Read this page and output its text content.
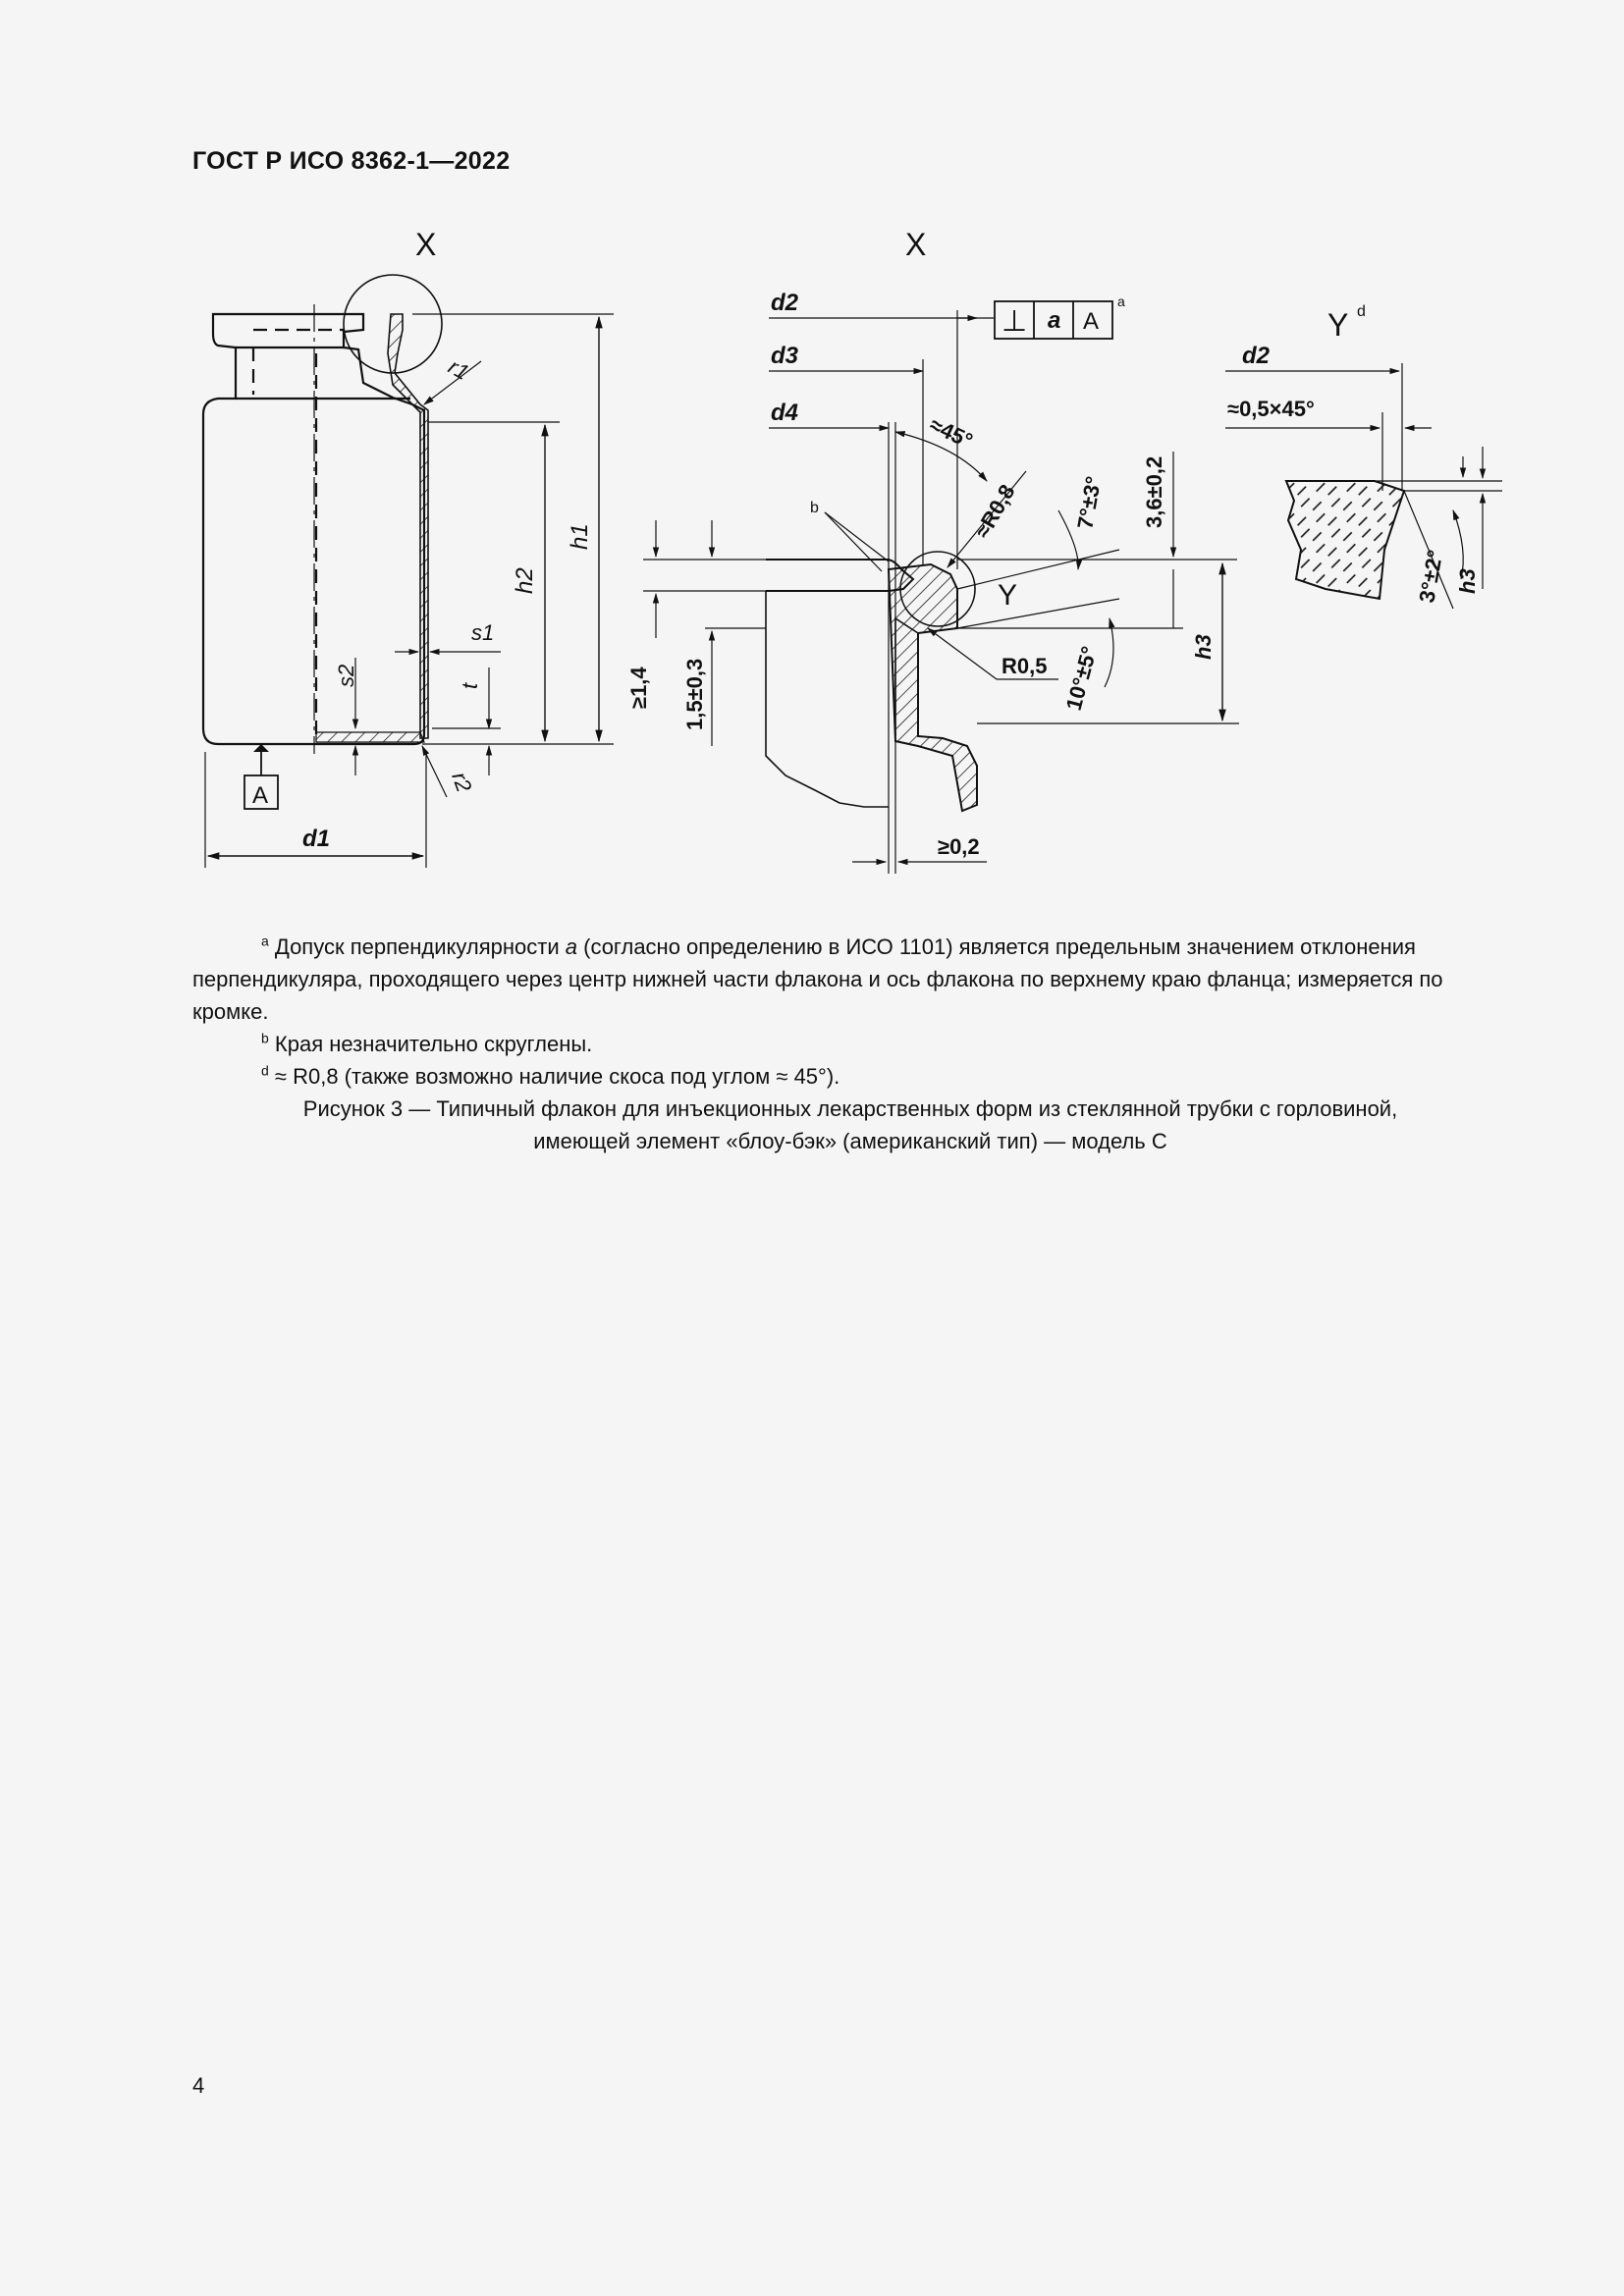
ГОСТ Р ИСО 8362-1—2022
X
A
d1
h1
h2
s1
t
s2
r1
r2
X
d2
d3
d4
⊥ a A
a
Y
b
≈45°
≈R0,8 7°±3° 3,6±0,2
h3
10°±5°
R0,5
≥1,4 1,5±0,3
≥0,2
Y d
d2
≈0,5×45°
3°±2° h3

$^a$ Допуск перпендикулярности a (согласно определению в ИСО 1101) является предельным значением отклонения перпендикуляра, проходящего через центр нижней части флакона и ось флакона по верхнему краю фланца; измеряется по кромке.

$^b$ Края незначительно скруглены.

$^d$ ≈ R0,8 (также возможно наличие скоса под углом ≈ 45°).

Рисунок 3 — Типичный флакон для инъекционных лекарственных форм из стеклянной трубки с горловиной,
имеющей элемент «блоу-бэк» (американский тип) — модель C
4
